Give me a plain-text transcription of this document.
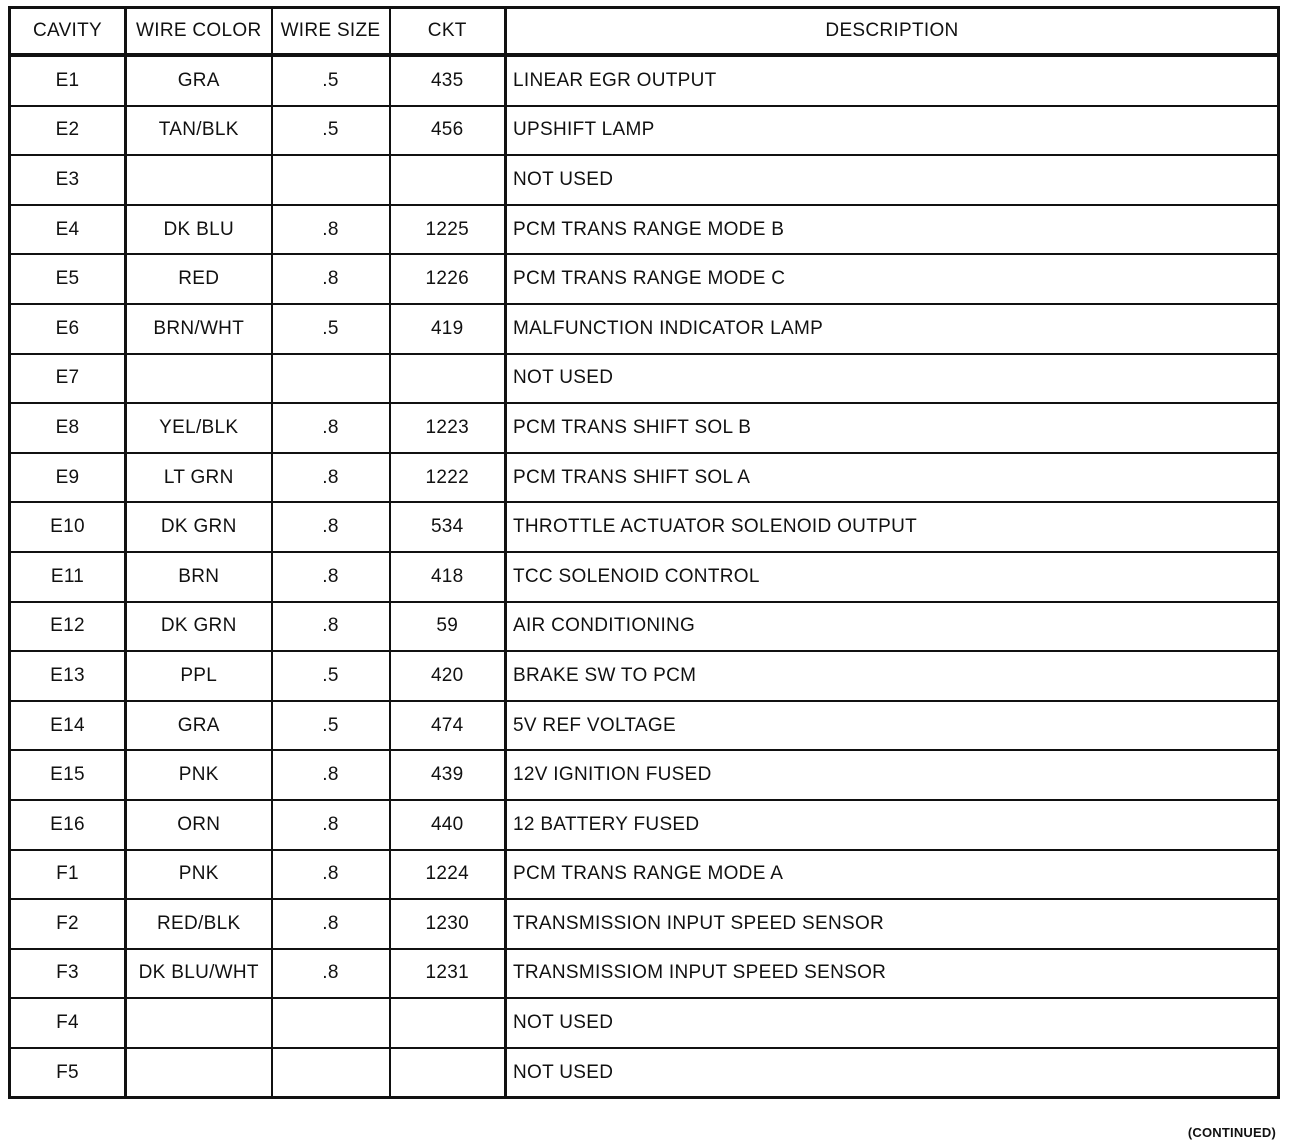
CAVITY	WIRE COLOR	WIRE SIZE	CKT	DESCRIPTION
E1	GRA	.5	435	LINEAR EGR OUTPUT
E2	TAN/BLK	.5	456	UPSHIFT LAMP
E3				NOT USED
E4	DK BLU	.8	1225	PCM TRANS RANGE MODE B
E5	RED	.8	1226	PCM TRANS RANGE MODE C
E6	BRN/WHT	.5	419	MALFUNCTION INDICATOR LAMP
E7				NOT USED
E8	YEL/BLK	.8	1223	PCM TRANS SHIFT SOL B
E9	LT GRN	.8	1222	PCM TRANS SHIFT SOL A
E10	DK GRN	.8	534	THROTTLE ACTUATOR SOLENOID OUTPUT
E11	BRN	.8	418	TCC SOLENOID CONTROL
E12	DK GRN	.8	59	AIR CONDITIONING
E13	PPL	.5	420	BRAKE SW TO PCM
E14	GRA	.5	474	5V REF VOLTAGE
E15	PNK	.8	439	12V IGNITION FUSED
E16	ORN	.8	440	12 BATTERY FUSED
F1	PNK	.8	1224	PCM TRANS RANGE MODE A
F2	RED/BLK	.8	1230	TRANSMISSION INPUT SPEED SENSOR
F3	DK BLU/WHT	.8	1231	TRANSMISSIOM INPUT SPEED SENSOR
F4				NOT USED
F5				NOT USED
(CONTINUED)
